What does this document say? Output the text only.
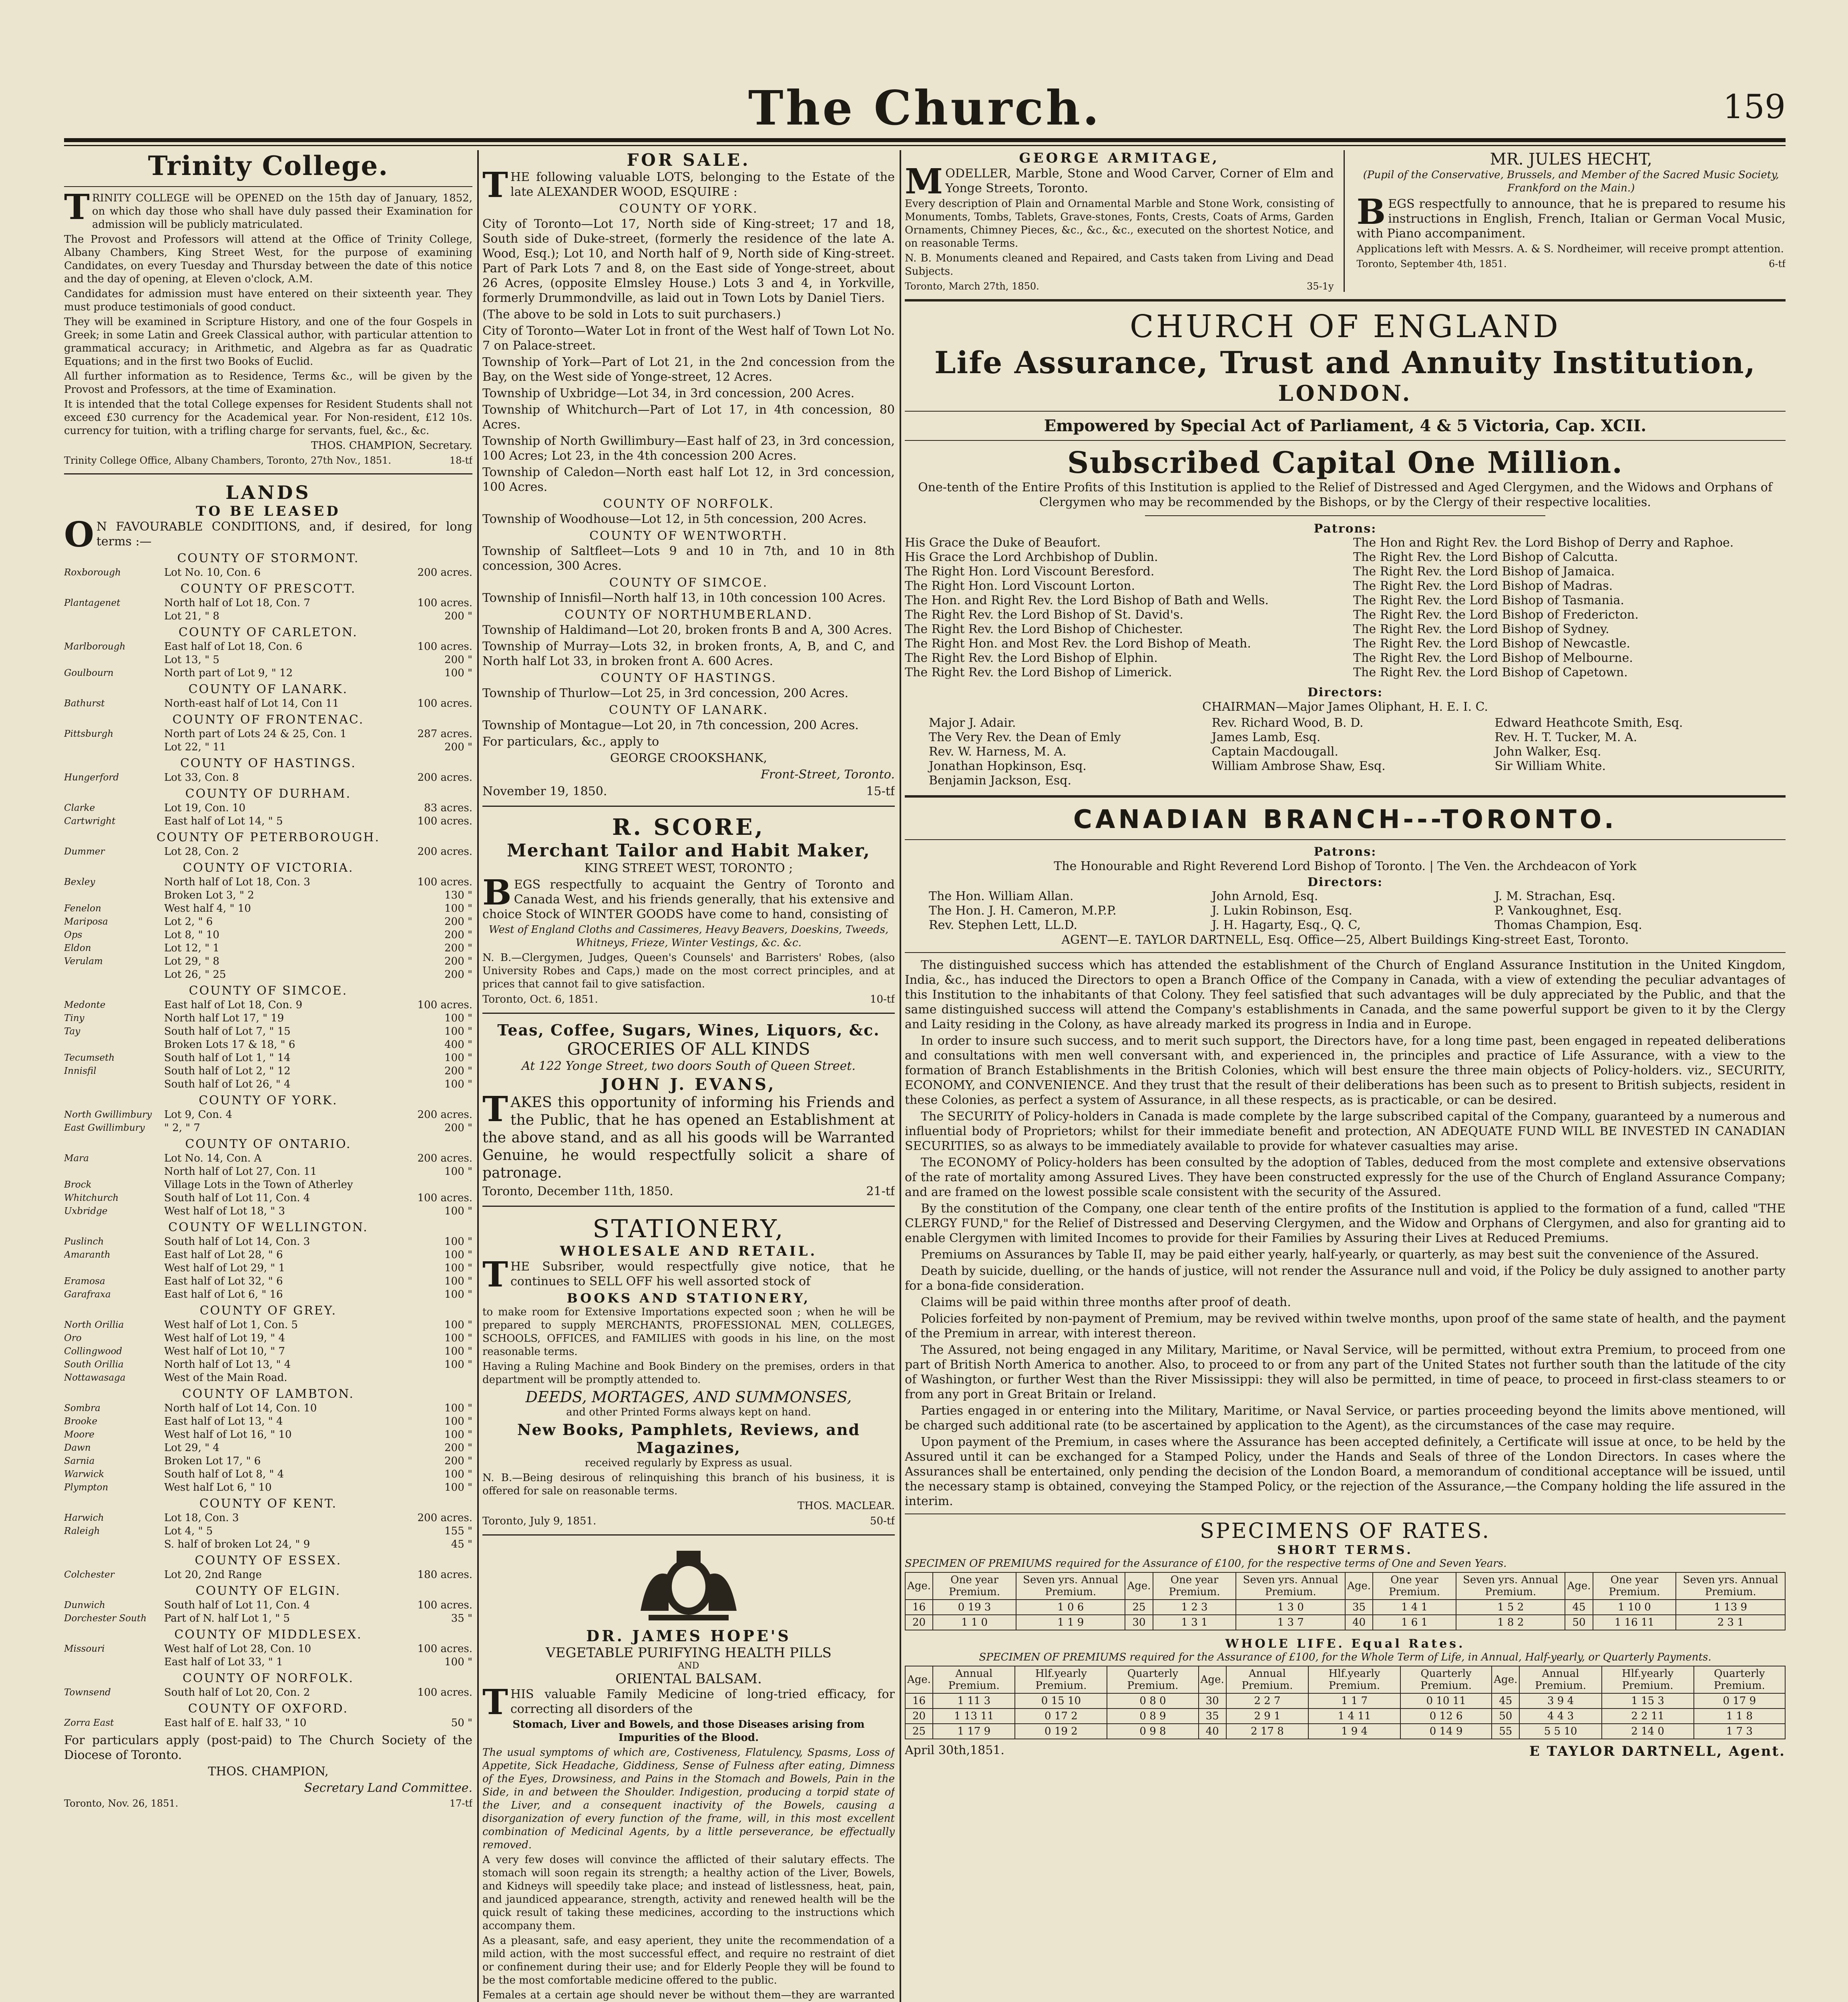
The Church.	159
Trinity College.

TRINITY COLLEGE will be OPENED on the 15th day of January, 1852, on which day those who shall have duly passed their Examination for admission will be publicly matriculated.

The Provost and Professors will attend at the Office of Trinity College, Albany Chambers, King Street West, for the purpose of examining Candidates, on every Tuesday and Thursday between the date of this notice and the day of opening, at Eleven o'clock, A.M.

Candidates for admission must have entered on their sixteenth year. They must produce testimonials of good conduct.

They will be examined in Scripture History, and one of the four Gospels in Greek; in some Latin and Greek Classical author, with particular attention to grammatical accuracy; in Arithmetic, and Algebra as far as Quadratic Equations; and in the first two Books of Euclid.

All further information as to Residence, Terms &c., will be given by the Provost and Professors, at the time of Examination.

It is intended that the total College expenses for Resident Students shall not exceed £30 currency for the Academical year. For Non-resident, £12 10s. currency for tuition, with a trifling charge for servants, fuel, &c., &c.

THOS. CHAMPION, Secretary.

Trinity College Office, Albany Chambers, Toronto, 27th Nov., 1851.	18-tf
LANDS
TO BE LEASED

ON FAVOURABLE CONDITIONS, and, if desired, for long terms :—

COUNTY OF STORMONT.
Roxborough	Lot No. 10, Con. 6	200 acres.
COUNTY OF PRESCOTT.
Plantagenet	North half of Lot 18, Con. 7	100 acres.
Lot 21, " 8	200 "
COUNTY OF CARLETON.
Marlborough	East half of Lot 18, Con. 6	100 acres.
Lot 13, " 5	200 "
Goulbourn	North part of Lot 9, " 12	100 "
COUNTY OF LANARK.
Bathurst	North-east half of Lot 14, Con 11	100 acres.
COUNTY OF FRONTENAC.
Pittsburgh	North part of Lots 24 & 25, Con. 1	287 acres.
Lot 22, " 11	200 "
COUNTY OF HASTINGS.
Hungerford	Lot 33, Con. 8	200 acres.
COUNTY OF DURHAM.
Clarke	Lot 19, Con. 10	83 acres.
Cartwright	East half of Lot 14, " 5	100 acres.
COUNTY OF PETERBOROUGH.
Dummer	Lot 28, Con. 2	200 acres.
COUNTY OF VICTORIA.
Bexley	North half of Lot 18, Con. 3	100 acres.
Broken Lot 3, " 2	130 "
Fenelon	West half 4, " 10	100 "
Mariposa	Lot 2, " 6	200 "
Ops	Lot 8, " 10	200 "
Eldon	Lot 12, " 1	200 "
Verulam	Lot 29, " 8	200 "
Lot 26, " 25	200 "
COUNTY OF SIMCOE.
Medonte	East half of Lot 18, Con. 9	100 acres.
Tiny	North half Lot 17, " 19	100 "
Tay	South half of Lot 7, " 15	100 "
Broken Lots 17 & 18, " 6	400 "
Tecumseth	South half of Lot 1, " 14	100 "
Innisfil	South half of Lot 2, " 12	200 "
South half of Lot 26, " 4	100 "
COUNTY OF YORK.
North Gwillimbury	Lot 9, Con. 4	200 acres.
East Gwillimbury	" 2, " 7	200 "
COUNTY OF ONTARIO.
Mara	Lot No. 14, Con. A	200 acres.
North half of Lot 27, Con. 11	100 "
Brock	Village Lots in the Town of Atherley
Whitchurch	South half of Lot 11, Con. 4	100 acres.
Uxbridge	West half of Lot 18, " 3	100 "
COUNTY OF WELLINGTON.
Puslinch	South half of Lot 14, Con. 3	100 "
Amaranth	East half of Lot 28, " 6	100 "
West half of Lot 29, " 1	100 "
Eramosa	East half of Lot 32, " 6	100 "
Garafraxa	East half of Lot 6, " 16	100 "
COUNTY OF GREY.
North Orillia	West half of Lot 1, Con. 5	100 "
Oro	West half of Lot 19, " 4	100 "
Collingwood	West half of Lot 10, " 7	100 "
South Orillia	North half of Lot 13, " 4	100 "
Nottawasaga	West of the Main Road.
COUNTY OF LAMBTON.
Sombra	North half of Lot 14, Con. 10	100 "
Brooke	East half of Lot 13, " 4	100 "
Moore	West half of Lot 16, " 10	100 "
Dawn	Lot 29, " 4	200 "
Sarnia	Broken Lot 17, " 6	200 "
Warwick	South half of Lot 8, " 4	100 "
Plympton	West half Lot 6, " 10	100 "
COUNTY OF KENT.
Harwich	Lot 18, Con. 3	200 acres.
Raleigh	Lot 4, " 5	155 "
S. half of broken Lot 24, " 9	45 "
COUNTY OF ESSEX.
Colchester	Lot 20, 2nd Range	180 acres.
COUNTY OF ELGIN.
Dunwich	South half of Lot 11, Con. 4	100 acres.
Dorchester South	Part of N. half Lot 1, " 5	35 "
COUNTY OF MIDDLESEX.
Missouri	West half of Lot 28, Con. 10	100 acres.
East half of Lot 33, " 1	100 "
COUNTY OF NORFOLK.
Townsend	South half of Lot 20, Con. 2	100 acres.
COUNTY OF OXFORD.
Zorra East	East half of E. half 33, " 10	50 "

For particulars apply (post-paid) to The Church Society of the Diocese of Toronto.

THOS. CHAMPION,

Secretary Land Committee.

Toronto, Nov. 26, 1851.	17-tf
FOR SALE.

THE following valuable LOTS, belonging to the Estate of the late ALEXANDER WOOD, ESQUIRE :

COUNTY OF YORK.

City of Toronto—Lot 17, North side of King-street; 17 and 18, South side of Duke-street, (formerly the residence of the late A. Wood, Esq.); Lot 10, and North half of 9, North side of King-street. Part of Park Lots 7 and 8, on the East side of Yonge-street, about 26 Acres, (opposite Elmsley House.) Lots 3 and 4, in Yorkville, formerly Drummondville, as laid out in Town Lots by Daniel Tiers.

(The above to be sold in Lots to suit purchasers.)

City of Toronto—Water Lot in front of the West half of Town Lot No. 7 on Palace-street.

Township of York—Part of Lot 21, in the 2nd concession from the Bay, on the West side of Yonge-street, 12 Acres.

Township of Uxbridge—Lot 34, in 3rd concession, 200 Acres.

Township of Whitchurch—Part of Lot 17, in 4th concession, 80 Acres.

Township of North Gwillimbury—East half of 23, in 3rd concession, 100 Acres; Lot 23, in the 4th concession 200 Acres.

Township of Caledon—North east half Lot 12, in 3rd concession, 100 Acres.

COUNTY OF NORFOLK.

Township of Woodhouse—Lot 12, in 5th concession, 200 Acres.

COUNTY OF WENTWORTH.

Township of Saltfleet—Lots 9 and 10 in 7th, and 10 in 8th concession, 300 Acres.

COUNTY OF SIMCOE.

Township of Innisfil—North half 13, in 10th concession 100 Acres.

COUNTY OF NORTHUMBERLAND.

Township of Haldimand—Lot 20, broken fronts B and A, 300 Acres.

Township of Murray—Lots 32, in broken fronts, A, B, and C, and North half Lot 33, in broken front A. 600 Acres.

COUNTY OF HASTINGS.

Township of Thurlow—Lot 25, in 3rd concession, 200 Acres.

COUNTY OF LANARK.

Township of Montague—Lot 20, in 7th concession, 200 Acres.

For particulars, &c., apply to

GEORGE CROOKSHANK,

Front-Street, Toronto.

November 19, 1850.	15-tf
R. SCORE,
Merchant Tailor and Habit Maker,

KING STREET WEST, TORONTO ;

BEGS respectfully to acquaint the Gentry of Toronto and Canada West, and his friends generally, that his extensive and choice Stock of WINTER GOODS have come to hand, consisting of

West of England Cloths and Cassimeres, Heavy Beavers, Doeskins, Tweeds, Whitneys, Frieze, Winter Vestings, &c. &c.

N. B.—Clergymen, Judges, Queen's Counsels' and Barristers' Robes, (also University Robes and Caps,) made on the most correct principles, and at prices that cannot fail to give satisfaction.

Toronto, Oct. 6, 1851.	10-tf
Teas, Coffee, Sugars, Wines, Liquors, &c.
GROCERIES OF ALL KINDS

At 122 Yonge Street, two doors South of Queen Street.

JOHN J. EVANS,

TAKES this opportunity of informing his Friends and the Public, that he has opened an Establishment at the above stand, and as all his goods will be Warranted Genuine, he would respectfully solicit a share of patronage.

Toronto, December 11th, 1850.	21-tf
STATIONERY,
WHOLESALE AND RETAIL.

THE Subsriber, would respectfully give notice, that he continues to SELL OFF his well assorted stock of

BOOKS AND STATIONERY,

to make room for Extensive Importations expected soon ; when he will be prepared to supply MERCHANTS, PROFESSIONAL MEN, COLLEGES, SCHOOLS, OFFICES, and FAMILIES with goods in his line, on the most reasonable terms.

Having a Ruling Machine and Book Bindery on the premises, orders in that department will be promptly attended to.

DEEDS, MORTAGES, AND SUMMONSES,

and other Printed Forms always kept on hand.

New Books, Pamphlets, Reviews, and Magazines,

received regularly by Express as usual.

N. B.—Being desirous of relinquishing this branch of his business, it is offered for sale on reasonable terms.

THOS. MACLEAR.

Toronto, July 9, 1851.	50-tf
DR. JAMES HOPE'S
VEGETABLE PURIFYING HEALTH PILLS
AND
ORIENTAL BALSAM.

THIS valuable Family Medicine of long-tried efficacy, for correcting all disorders of the

Stomach, Liver and Bowels, and those Diseases arising from Impurities of the Blood.

The usual symptoms of which are, Costiveness, Flatulency, Spasms, Loss of Appetite, Sick Headache, Giddiness, Sense of Fulness after eating, Dimness of the Eyes, Drowsiness, and Pains in the Stomach and Bowels, Pain in the Side, in and between the Shoulder. Indigestion, producing a torpid state of the Liver, and a consequent inactivity of the Bowels, causing a disorganization of every function of the frame, will, in this most excellent combination of Medicinal Agents, by a little perseverance, be effectually removed.

A very few doses will convince the afflicted of their salutary effects. The stomach will soon regain its strength; a healthy action of the Liver, Bowels, and Kidneys will speedily take place; and instead of listlessness, heat, pain, and jaundiced appearance, strength, activity and renewed health will be the quick result of taking these medicines, according to the instructions which accompany them.

As a pleasant, safe, and easy aperient, they unite the recommendation of a mild action, with the most successful effect, and require no restraint of diet or confinement during their use; and for Elderly People they will be found to be the most comfortable medicine offered to the public.

Females at a certain age should never be without them—they are warranted

GEORGE ARMITAGE,

MODELLER, Marble, Stone and Wood Carver, Corner of Elm and Yonge Streets, Toronto.

Every description of Plain and Ornamental Marble and Stone Work, consisting of Monuments, Tombs, Tablets, Grave-stones, Fonts, Crests, Coats of Arms, Garden Ornaments, Chimney Pieces, &c., &c., &c., executed on the shortest Notice, and on reasonable Terms.

N. B. Monuments cleaned and Repaired, and Casts taken from Living and Dead Subjects.

Toronto, March 27th, 1850.	35-1y
MR. JULES HECHT,

(Pupil of the Conservative, Brussels, and Member of the Sacred Music Society, Frankford on the Main.)

BEGS respectfully to announce, that he is prepared to resume his instructions in English, French, Italian or German Vocal Music, with Piano accompaniment.

Applications left with Messrs. A. & S. Nordheimer, will receive prompt attention.

Toronto, September 4th, 1851.	6-tf
CHURCH OF ENGLAND
Life Assurance, Trust and Annuity Institution,
LONDON.
Empowered by Special Act of Parliament, 4 & 5 Victoria, Cap. XCII.
Subscribed Capital One Million.

One-tenth of the Entire Profits of this Institution is applied to the Relief of Distressed and Aged Clergymen, and the Widows and Orphans of Clergymen who may be recommended by the Bishops, or by the Clergy of their respective localities.

Patrons:
His Grace the Duke of Beaufort.
His Grace the Lord Archbishop of Dublin.
The Right Hon. Lord Viscount Beresford.
The Right Hon. Lord Viscount Lorton.
The Hon. and Right Rev. the Lord Bishop of Bath and Wells.
The Right Rev. the Lord Bishop of St. David's.
The Right Rev. the Lord Bishop of Chichester.
The Right Hon. and Most Rev. the Lord Bishop of Meath.
The Right Rev. the Lord Bishop of Elphin.
The Right Rev. the Lord Bishop of Limerick.
The Hon and Right Rev. the Lord Bishop of Derry and Raphoe.
The Right Rev. the Lord Bishop of Calcutta.
The Right Rev. the Lord Bishop of Jamaica.
The Right Rev. the Lord Bishop of Madras.
The Right Rev. the Lord Bishop of Tasmania.
The Right Rev. the Lord Bishop of Fredericton.
The Right Rev. the Lord Bishop of Sydney.
The Right Rev. the Lord Bishop of Newcastle.
The Right Rev. the Lord Bishop of Melbourne.
The Right Rev. the Lord Bishop of Capetown.
Directors:

CHAIRMAN—Major James Oliphant, H. E. I. C.

Major J. Adair.
The Very Rev. the Dean of Emly
Rev. W. Harness, M. A.
Jonathan Hopkinson, Esq.
Benjamin Jackson, Esq.
Rev. Richard Wood, B. D.
James Lamb, Esq.
Captain Macdougall.
William Ambrose Shaw, Esq.
Edward Heathcote Smith, Esq.
Rev. H. T. Tucker, M. A.
John Walker, Esq.
Sir William White.
CANADIAN BRANCH---TORONTO.
Patrons:

The Honourable and Right Reverend Lord Bishop of Toronto. | The Ven. the Archdeacon of York

Directors:
The Hon. William Allan.
The Hon. J. H. Cameron, M.P.P.
Rev. Stephen Lett, LL.D.
John Arnold, Esq.
J. Lukin Robinson, Esq.
J. H. Hagarty, Esq., Q. C,
J. M. Strachan, Esq.
P. Vankoughnet, Esq.
Thomas Champion, Esq.

AGENT—E. TAYLOR DARTNELL, Esq. Office—25, Albert Buildings King-street East, Toronto.

The distinguished success which has attended the establishment of the Church of England Assurance Institution in the United Kingdom, India, &c., has induced the Directors to open a Branch Office of the Company in Canada, with a view of extending the peculiar advantages of this Institution to the inhabitants of that Colony. They feel satisfied that such advantages will be duly appreciated by the Public, and that the same distinguished success will attend the Company's establishments in Canada, and the same powerful support be given to it by the Clergy and Laity residing in the Colony, as have already marked its progress in India and in Europe.

In order to insure such success, and to merit such support, the Directors have, for a long time past, been engaged in repeated deliberations and consultations with men well conversant with, and experienced in, the principles and practice of Life Assurance, with a view to the formation of Branch Establishments in the British Colonies, which will best ensure the three main objects of Policy-holders. viz., SECURITY, ECONOMY, and CONVENIENCE. And they trust that the result of their deliberations has been such as to present to British subjects, resident in these Colonies, as perfect a system of Assurance, in all these respects, as is practicable, or can be desired.

The SECURITY of Policy-holders in Canada is made complete by the large subscribed capital of the Company, guaranteed by a numerous and influential body of Proprietors; whilst for their immediate benefit and protection, AN ADEQUATE FUND WILL BE INVESTED IN CANADIAN SECURITIES, so as always to be immediately available to provide for whatever casualties may arise.

The ECONOMY of Policy-holders has been consulted by the adoption of Tables, deduced from the most complete and extensive observations of the rate of mortality among Assured Lives. They have been constructed expressly for the use of the Church of England Assurance Company; and are framed on the lowest possible scale consistent with the security of the Assured.

By the constitution of the Company, one clear tenth of the entire profits of the Institution is applied to the formation of a fund, called "THE CLERGY FUND," for the Relief of Distressed and Deserving Clergymen, and the Widow and Orphans of Clergymen, and also for granting aid to enable Clergymen with limited Incomes to provide for their Families by Assuring their Lives at Reduced Premiums.

Premiums on Assurances by Table II, may be paid either yearly, half-yearly, or quarterly, as may best suit the convenience of the Assured.

Death by suicide, duelling, or the hands of justice, will not render the Assurance null and void, if the Policy be duly assigned to another party for a bona-fide consideration.

Claims will be paid within three months after proof of death.

Policies forfeited by non-payment of Premium, may be revived within twelve months, upon proof of the same state of health, and the payment of the Premium in arrear, with interest thereon.

The Assured, not being engaged in any Military, Maritime, or Naval Service, will be permitted, without extra Premium, to proceed from one part of British North America to another. Also, to proceed to or from any part of the United States not further south than the latitude of the city of Washington, or further West than the River Mississippi: they will also be permitted, in time of peace, to proceed in first-class steamers to or from any port in Great Britain or Ireland.

Parties engaged in or entering into the Military, Maritime, or Naval Service, or parties proceeding beyond the limits above mentioned, will be charged such additional rate (to be ascertained by application to the Agent), as the circumstances of the case may require.

Upon payment of the Premium, in cases where the Assurance has been accepted definitely, a Certificate will issue at once, to be held by the Assured until it can be exchanged for a Stamped Policy, under the Hands and Seals of three of the London Directors. In cases where the Assurances shall be entertained, only pending the decision of the London Board, a memorandum of conditional acceptance will be issued, until the necessary stamp is obtained, conveying the Stamped Policy, or the rejection of the Assurance,—the Company holding the life assured in the interim.

SPECIMENS OF RATES.
SHORT TERMS.

SPECIMEN OF PREMIUMS required for the Assurance of £100, for the respective terms of One and Seven Years.

Age.	One year Premium.	Seven yrs. Annual Premium.	Age.	One year Premium.	Seven yrs. Annual Premium.	Age.	One year Premium.	Seven yrs. Annual Premium.	Age.	One year Premium.	Seven yrs. Annual Premium.
16	0 19 3	1 0 6	25	1 2 3	1 3 0	35	1 4 1	1 5 2	45	1 10 0	1 13 9
20	1 1 0	1 1 9	30	1 3 1	1 3 7	40	1 6 1	1 8 2	50	1 16 11	2 3 1
WHOLE LIFE. Equal Rates.

SPECIMEN OF PREMIUMS required for the Assurance of £100, for the Whole Term of Life, in Annual, Half-yearly, or Quarterly Payments.

Age.	Annual Premium.	Hlf.yearly Premium.	Quarterly Premium.	Age.	Annual Premium.	Hlf.yearly Premium.	Quarterly Premium.	Age.	Annual Premium.	Hlf.yearly Premium.	Quarterly Premium.
16	1 11 3	0 15 10	0 8 0	30	2 2 7	1 1 7	0 10 11	45	3 9 4	1 15 3	0 17 9
20	1 13 11	0 17 2	0 8 9	35	2 9 1	1 4 11	0 12 6	50	4 4 3	2 2 11	1 1 8
25	1 17 9	0 19 2	0 9 8	40	2 17 8	1 9 4	0 14 9	55	5 5 10	2 14 0	1 7 3
April 30th,1851.	E TAYLOR DARTNELL, Agent.
